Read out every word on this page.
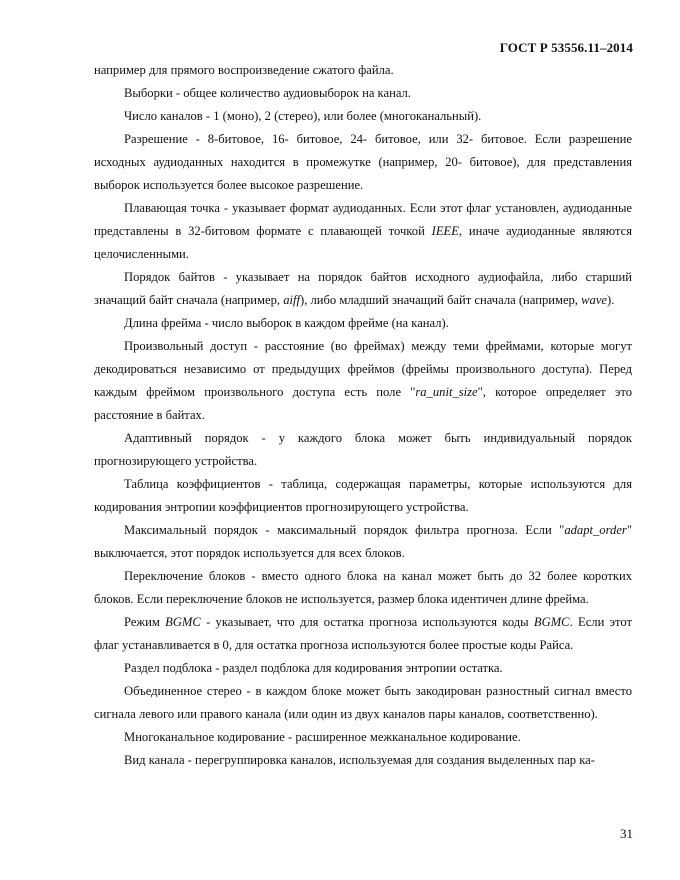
ГОСТ Р 53556.11–2014

например для прямого воспроизведение сжатого файла.

Выборки - общее количество аудиовыборок на канал.

Число каналов - 1 (моно), 2 (стерео), или более (многоканальный).

Разрешение - 8-битовое, 16- битовое, 24- битовое, или 32- битовое. Если разрешение исходных аудиоданных находится в промежутке (например, 20- битовое), для представления выборок используется более высокое разрешение.

Плавающая точка - указывает формат аудиоданных. Если этот флаг установлен, аудиоданные представлены в 32-битовом формате с плавающей точкой IEEE, иначе аудиоданные являются целочисленными.

Порядок байтов - указывает на порядок байтов исходного аудиофайла, либо старший значащий байт сначала (например, aiff), либо младший значащий байт сначала (например, wave).

Длина фрейма - число выборок в каждом фрейме (на канал).

Произвольный доступ - расстояние (во фреймах) между теми фреймами, которые могут декодироваться независимо от предыдущих фреймов (фреймы произвольного доступа). Перед каждым фреймом произвольного доступа есть поле "ra_unit_size", которое определяет это расстояние в байтах.

Адаптивный порядок - у каждого блока может быть индивидуальный порядок прогнозирующего устройства.

Таблица коэффициентов - таблица, содержащая параметры, которые используются для кодирования энтропии коэффициентов прогнозирующего устройства.

Максимальный порядок - максимальный порядок фильтра прогноза. Если "adapt_order" выключается, этот порядок используется для всех блоков.

Переключение блоков - вместо одного блока на канал может быть до 32 более коротких блоков. Если переключение блоков не используется, размер блока идентичен длине фрейма.

Режим BGMC - указывает, что для остатка прогноза используются коды BGMC. Если этот флаг устанавливается в 0, для остатка прогноза используются более простые коды Райса.

Раздел подблока - раздел подблока для кодирования энтропии остатка.

Объединенное стерео - в каждом блоке может быть закодирован разностный сигнал вместо сигнала левого или правого канала (или один из двух каналов пары каналов, соответственно).

Многоканальное кодирование - расширенное межканальное кодирование.

Вид канала - перегруппировка каналов, используемая для создания выделенных пар ка-

31
